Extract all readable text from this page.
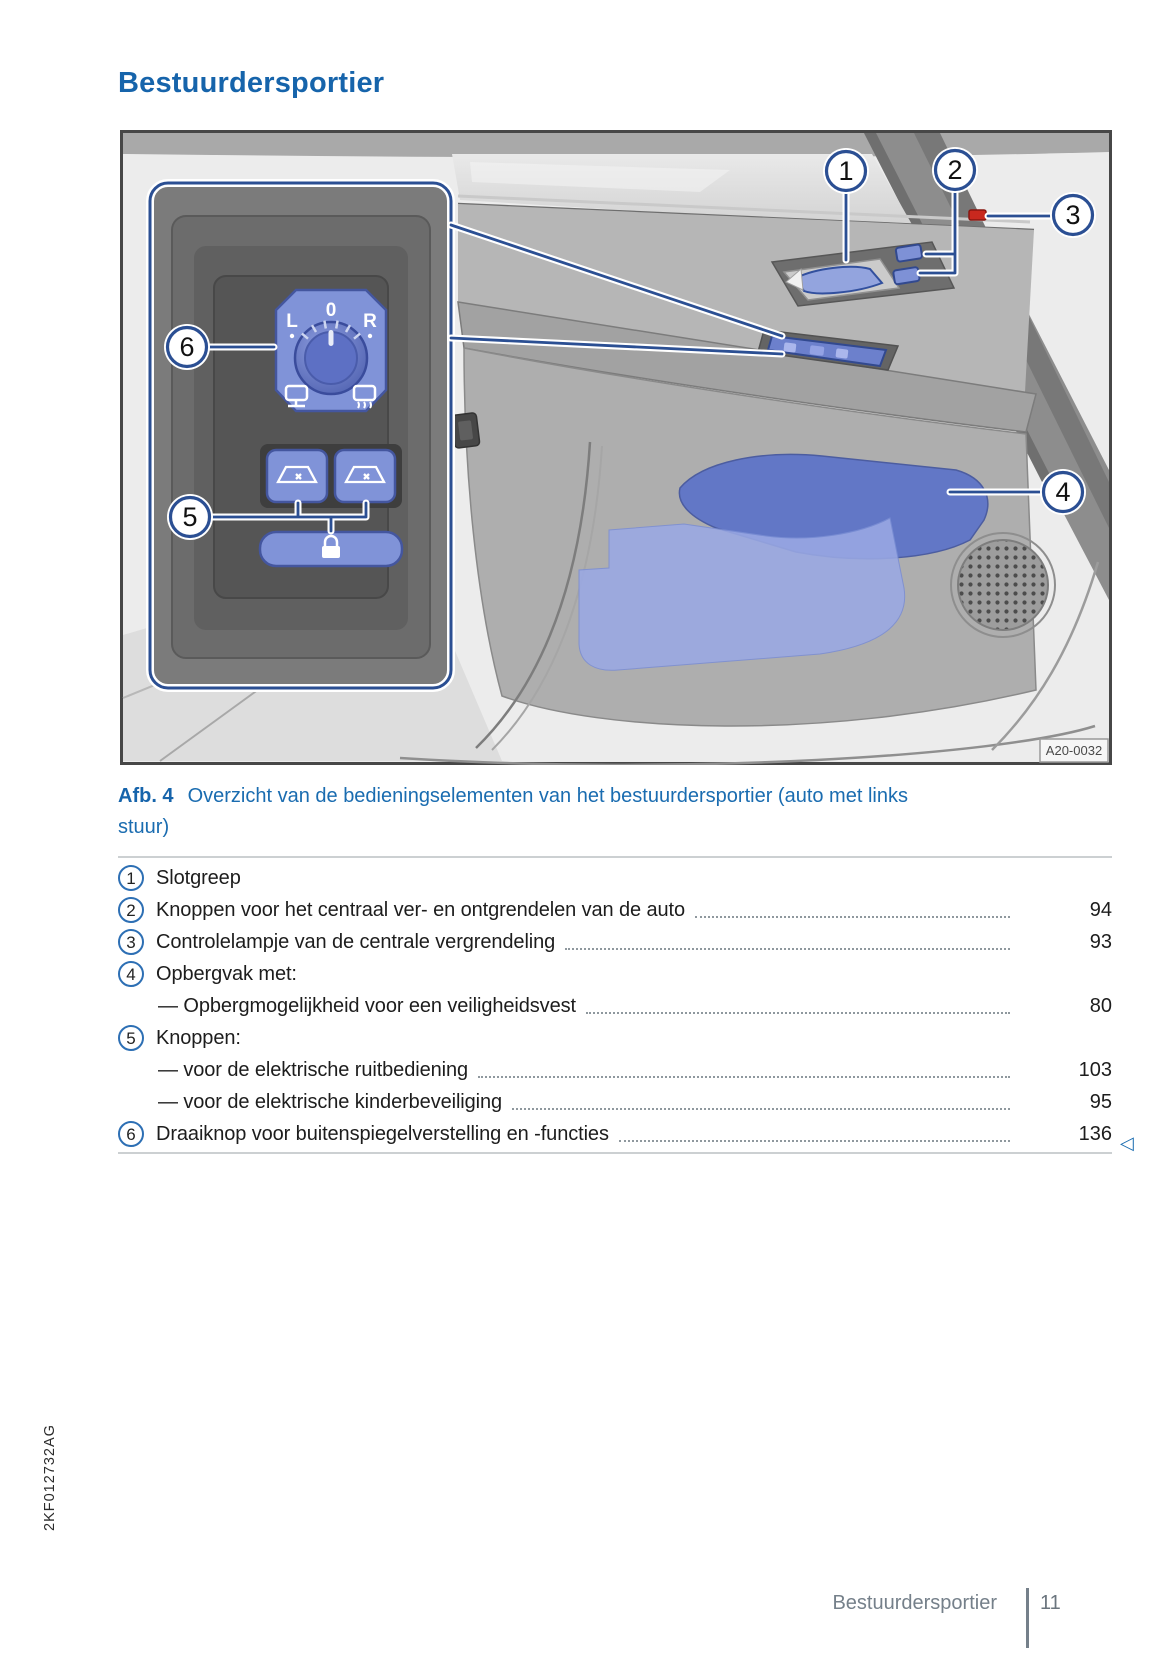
Bestuurdersportier
L
0
R
1	2
3
4
5
6
A20-0032
Afb. 4 Overzicht van de bedieningselementen van het bestuurdersportier (auto met links stuur)
1	Slotgreep
2	Knoppen voor het centraal ver- en ontgrendelen van de auto	94
3	Controlelampje van de centrale vergrendeling	93
4	Opbergvak met:
— Opbergmogelijkheid voor een veiligheidsvest	80
5	Knoppen:
— voor de elektrische ruitbediening	103
— voor de elektrische kinderbeveiliging	95
6	Draaiknop voor buitenspiegelverstelling en -functies	136 ◁
2KF012732AG
Bestuurdersportier 11
